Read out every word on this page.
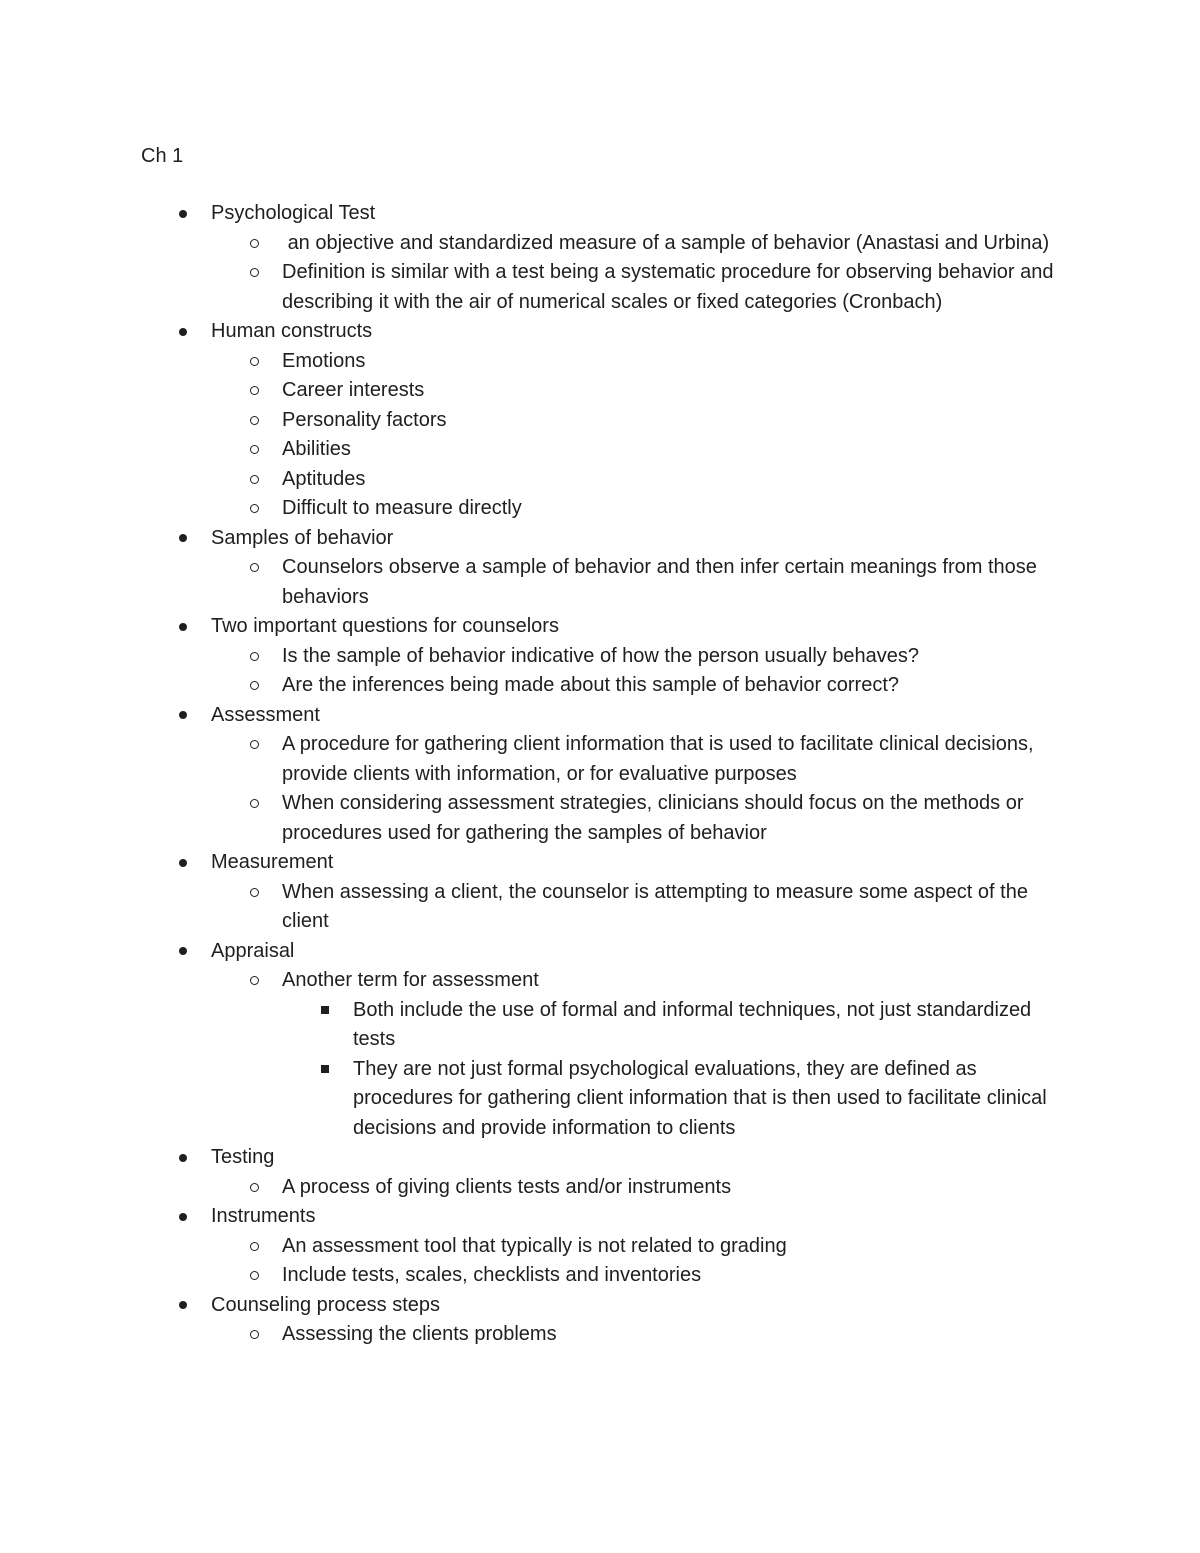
Ch 1
Psychological Test
an objective and standardized measure of a sample of behavior (Anastasi and Urbina)
Definition is similar with a test being a systematic procedure for observing behavior and describing it with the air of numerical scales or fixed categories (Cronbach)
Human constructs
Emotions
Career interests
Personality factors
Abilities
Aptitudes
Difficult to measure directly
Samples of behavior
Counselors observe a sample of behavior and then infer certain meanings from those behaviors
Two important questions for counselors
Is the sample of behavior indicative of how the person usually behaves?
Are the inferences being made about this sample of behavior correct?
Assessment
A procedure for gathering client information that is used to facilitate clinical decisions, provide clients with information, or for evaluative purposes
When considering assessment strategies, clinicians should focus on the methods or procedures used for gathering the samples of behavior
Measurement
When assessing a client, the counselor is attempting to measure some aspect of the client
Appraisal
Another term for assessment
Both include the use of formal and informal techniques, not just standardized tests
They are not just formal psychological evaluations, they are defined as procedures for gathering client information that is then used to facilitate clinical decisions and provide information to clients
Testing
A process of giving clients tests and/or instruments
Instruments
An assessment tool that typically is not related to grading
Include tests, scales, checklists and inventories
Counseling process steps
Assessing the clients problems
